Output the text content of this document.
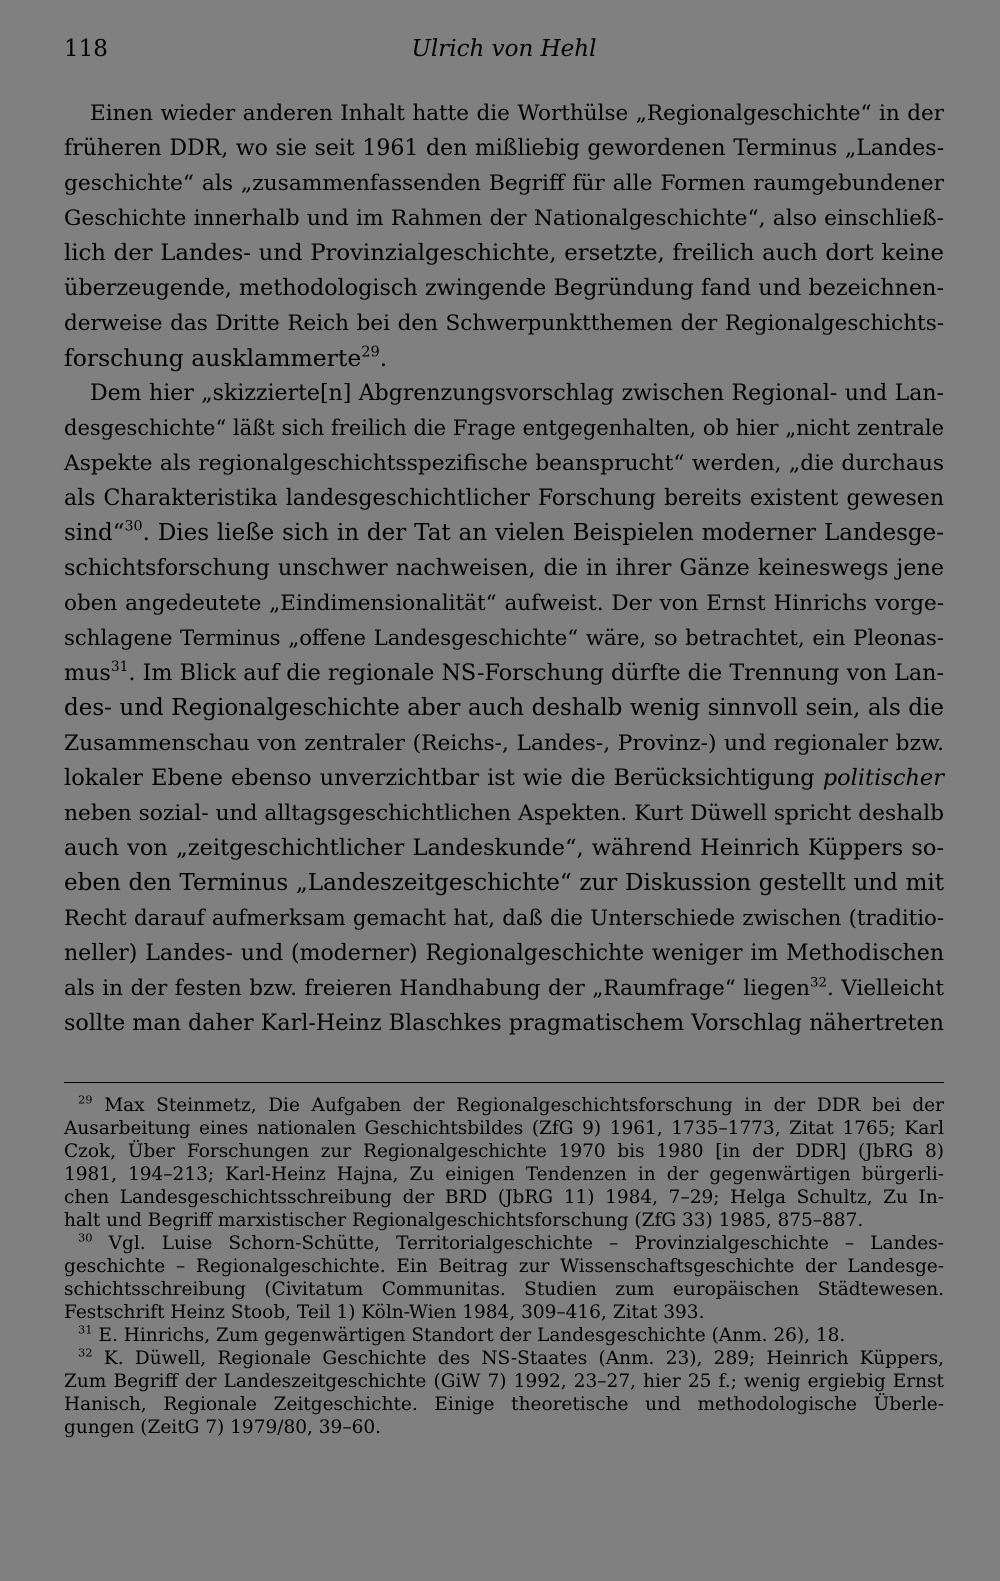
118	Ulrich von Hehl
Einen wieder anderen Inhalt hatte die Worthülse „Regionalgeschichte“ in der
früheren DDR, wo sie seit 1961 den mißliebig gewordenen Terminus „Landes-
geschichte“ als „zusammenfassenden Begriff für alle Formen raumgebundener
Geschichte innerhalb und im Rahmen der Nationalgeschichte“, also einschließ-
lich der Landes- und Provinzialgeschichte, ersetzte, freilich auch dort keine
überzeugende, methodologisch zwingende Begründung fand und bezeichnen-
derweise das Dritte Reich bei den Schwerpunktthemen der Regionalgeschichts-
forschung ausklammerte$^{29}$.
Dem hier „skizzierte[n] Abgrenzungsvorschlag zwischen Regional- und Lan-
desgeschichte“ läßt sich freilich die Frage entgegenhalten, ob hier „nicht zentrale
Aspekte als regionalgeschichtsspezifische beansprucht“ werden, „die durchaus
als Charakteristika landesgeschichtlicher Forschung bereits existent gewesen
sind“$^{30}$. Dies ließe sich in der Tat an vielen Beispielen moderner Landesge-
schichtsforschung unschwer nachweisen, die in ihrer Gänze keineswegs jene
oben angedeutete „Eindimensionalität“ aufweist. Der von Ernst Hinrichs vorge-
schlagene Terminus „offene Landesgeschichte“ wäre, so betrachtet, ein Pleonas-
mus$^{31}$. Im Blick auf die regionale NS-Forschung dürfte die Trennung von Lan-
des- und Regionalgeschichte aber auch deshalb wenig sinnvoll sein, als die
Zusammenschau von zentraler (Reichs-, Landes-, Provinz-) und regionaler bzw.
lokaler Ebene ebenso unverzichtbar ist wie die Berücksichtigung politischer
neben sozial- und alltagsgeschichtlichen Aspekten. Kurt Düwell spricht deshalb
auch von „zeitgeschichtlicher Landeskunde“, während Heinrich Küppers so-
eben den Terminus „Landeszeitgeschichte“ zur Diskussion gestellt und mit
Recht darauf aufmerksam gemacht hat, daß die Unterschiede zwischen (traditio-
neller) Landes- und (moderner) Regionalgeschichte weniger im Methodischen
als in der festen bzw. freieren Handhabung der „Raumfrage“ liegen$^{32}$. Vielleicht
sollte man daher Karl-Heinz Blaschkes pragmatischem Vorschlag nähertreten
$^{29}$ Max Steinmetz, Die Aufgaben der Regionalgeschichtsforschung in der DDR bei der
Ausarbeitung eines nationalen Geschichtsbildes (ZfG 9) 1961, 1735–1773, Zitat 1765; Karl
Czok, Über Forschungen zur Regionalgeschichte 1970 bis 1980 [in der DDR] (JbRG 8)
1981, 194–213; Karl-Heinz Hajna, Zu einigen Tendenzen in der gegenwärtigen bürgerli-
chen Landesgeschichtsschreibung der BRD (JbRG 11) 1984, 7–29; Helga Schultz, Zu In-
halt und Begriff marxistischer Regionalgeschichtsforschung (ZfG 33) 1985, 875–887.
$^{30}$ Vgl. Luise Schorn-Schütte, Territorialgeschichte – Provinzialgeschichte – Landes-
geschichte – Regionalgeschichte. Ein Beitrag zur Wissenschaftsgeschichte der Landesge-
schichtsschreibung (Civitatum Communitas. Studien zum europäischen Städtewesen.
Festschrift Heinz Stoob, Teil 1) Köln-Wien 1984, 309–416, Zitat 393.
$^{31}$ E. Hinrichs, Zum gegenwärtigen Standort der Landesgeschichte (Anm. 26), 18.
$^{32}$ K. Düwell, Regionale Geschichte des NS-Staates (Anm. 23), 289; Heinrich Küppers,
Zum Begriff der Landeszeitgeschichte (GiW 7) 1992, 23–27, hier 25 f.; wenig ergiebig Ernst
Hanisch, Regionale Zeitgeschichte. Einige theoretische und methodologische Überle-
gungen (ZeitG 7) 1979/80, 39–60.
